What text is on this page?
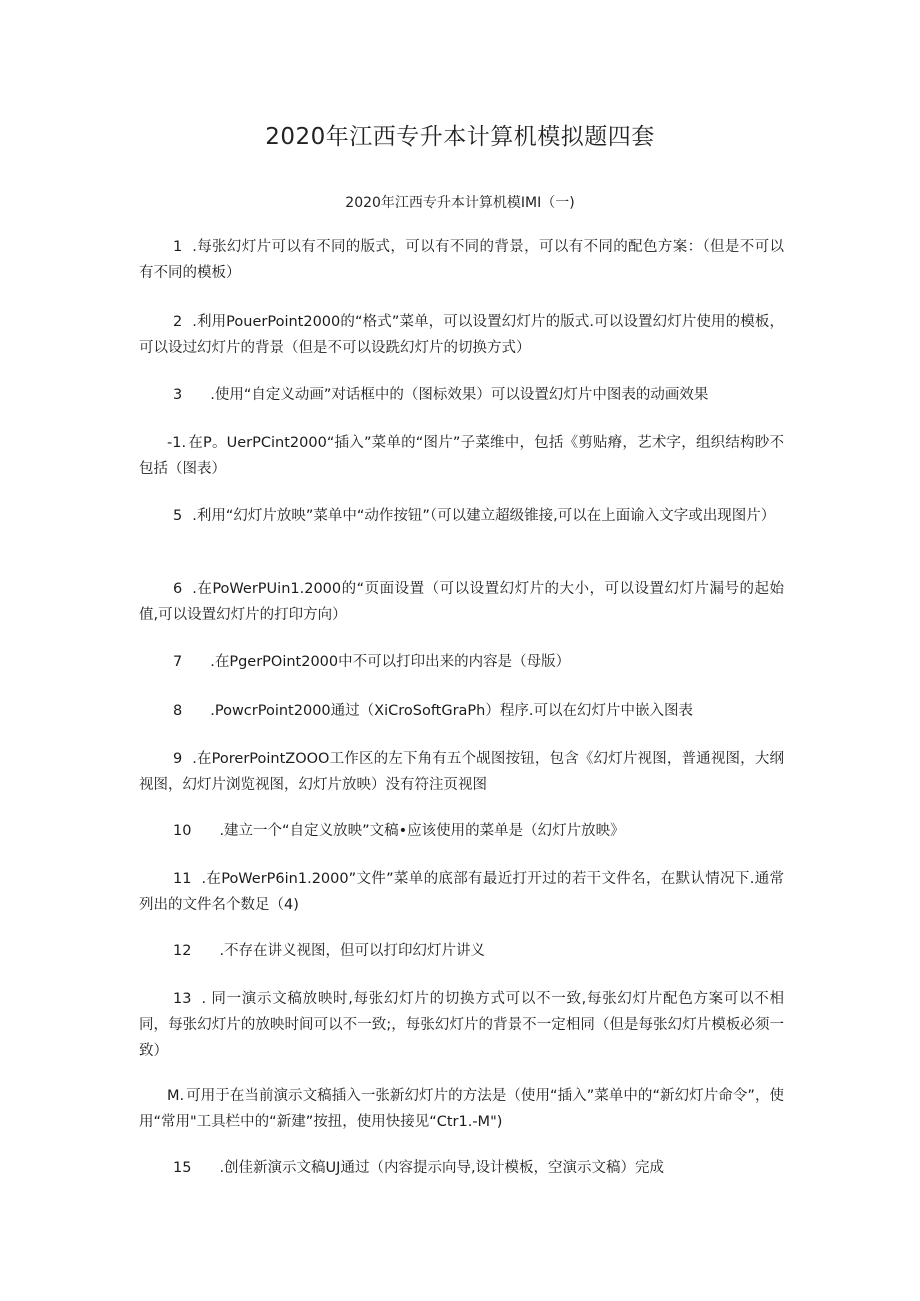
2020年江西专升本计算机模拟题四套
2020年江西专升本计算机模IMI（一)
1 .每张幻灯片可以有不同的版式，可以有不同的背景，可以有不同的配色方案：（但是不可以有不同的模板）
2 .利用PouerPoint2000的“格式”菜单，可以设置幻灯片的版式.可以设置幻灯片使用的模板，可以设过幻灯片的背景（但是不可以设跣幻灯片的切换方式）
3 .使用“自定义动画”对话框中的（图标效果）可以设置幻灯片中图表的动画效果
-1. 在P。UerPCint2000“插入”菜单的“图片”子菜维中，包括《剪贴瘠，艺术字，组织结构眇不包括（图表）
5 .利用“幻灯片放映”菜单中“动作按钮”（可以建立超级锥接,可以在上面谕入文字或出现图片）
6 .在PoWerPUin1.2000的“页面设置（可以设置幻灯片的大小，可以设置幻灯片漏号的起始值,可以设置幻灯片的打印方向）
7 .在PgerPOint2000中不可以打印出来的内容是（母版）
8 .PowcrPoint2000通过（XiCroSoftGraPh）程序.可以在幻灯片中嵌入图表
9 .在PorerPointZOOO工作区的左下角有五个觇图按钮，包含《幻灯片视图，普通视图，大纲视图，幻灯片浏览视图，幻灯片放映）没有符注页视图
10 .建立一个“自定义放映”文稿•应该使用的菜单是（幻灯片放映》
11 .在PoWerP6in1.2000”文件”菜单的底部有最近打开过的若干文件名，在默认情况下.通常列出的文件名个数足（4)
12 .不存在讲义视图，但可以打印幻灯片讲义
13 . 同一演示文稿放映时,每张幻灯片的切换方式可以不一致,每张幻灯片配色方案可以不相同，每张幻灯片的放映时间可以不一致;，每张幻灯片的背景不一定相同（但是每张幻灯片模板必须一致）
M. 可用于在当前演示文稿插入一张新幻灯片的方法是（使用“插入”菜单中的“新幻灯片命令”，使用“常用"工具栏中的“新建”按扭，使用快接见“Ctr1.-M")
15 .创佳新演示文稿UJ通过（内容提示向导,设计模板，空演示文稿）完成
